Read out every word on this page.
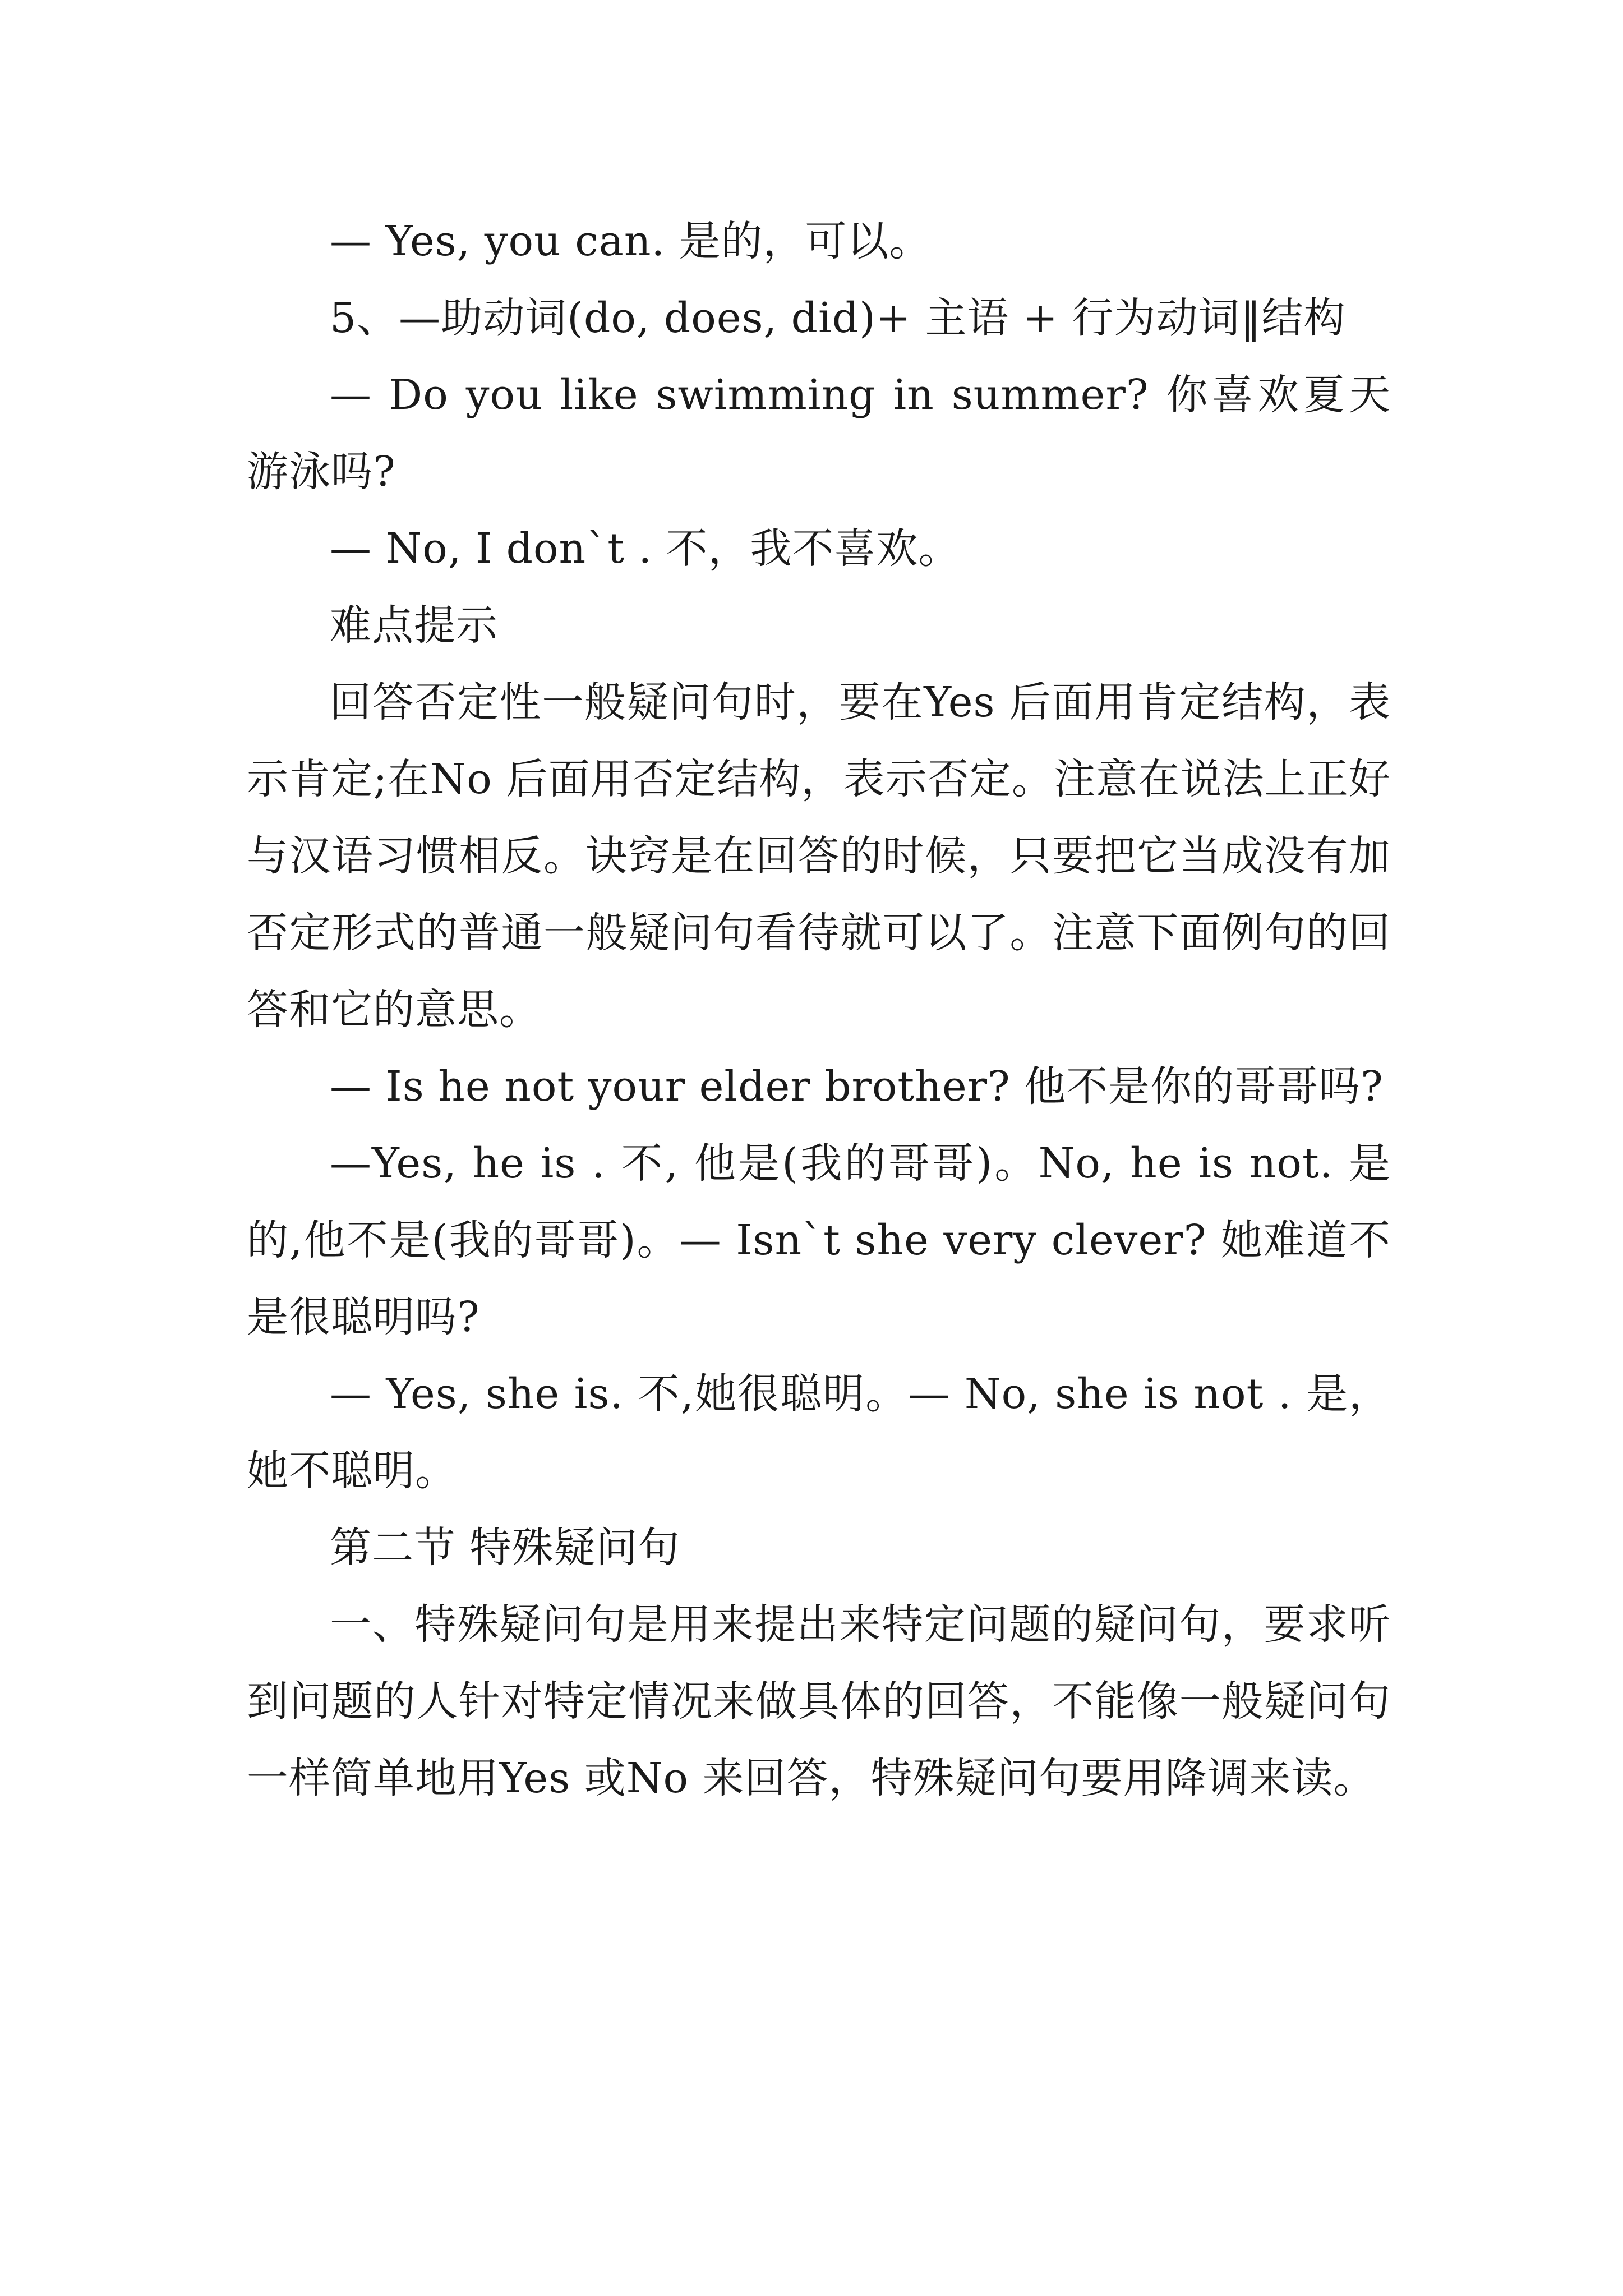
— Yes, you can. 是的，可以。

5、—助动词(do, does, did)+ 主语 + 行为动词‖结构

— Do you like swimming in summer? 你喜欢夏天游泳吗?

— No, I don`t . 不，我不喜欢。

难点提示

回答否定性一般疑问句时，要在Yes 后面用肯定结构，表示肯定;在No 后面用否定结构，表示否定。注意在说法上正好与汉语习惯相反。诀窍是在回答的时候，只要把它当成没有加否定形式的普通一般疑问句看待就可以了。注意下面例句的回答和它的意思。

— Is he not your elder brother? 他不是你的哥哥吗?

—Yes, he is . 不, 他是(我的哥哥)。No, he is not. 是的,他不是(我的哥哥)。— Isn`t she very clever? 她难道不是很聪明吗?

— Yes, she is. 不,她很聪明。— No, she is not . 是，她不聪明。

第二节 特殊疑问句

一、特殊疑问句是用来提出来特定问题的疑问句，要求听到问题的人针对特定情况来做具体的回答，不能像一般疑问句一样简单地用Yes 或No 来回答，特殊疑问句要用降调来读。
